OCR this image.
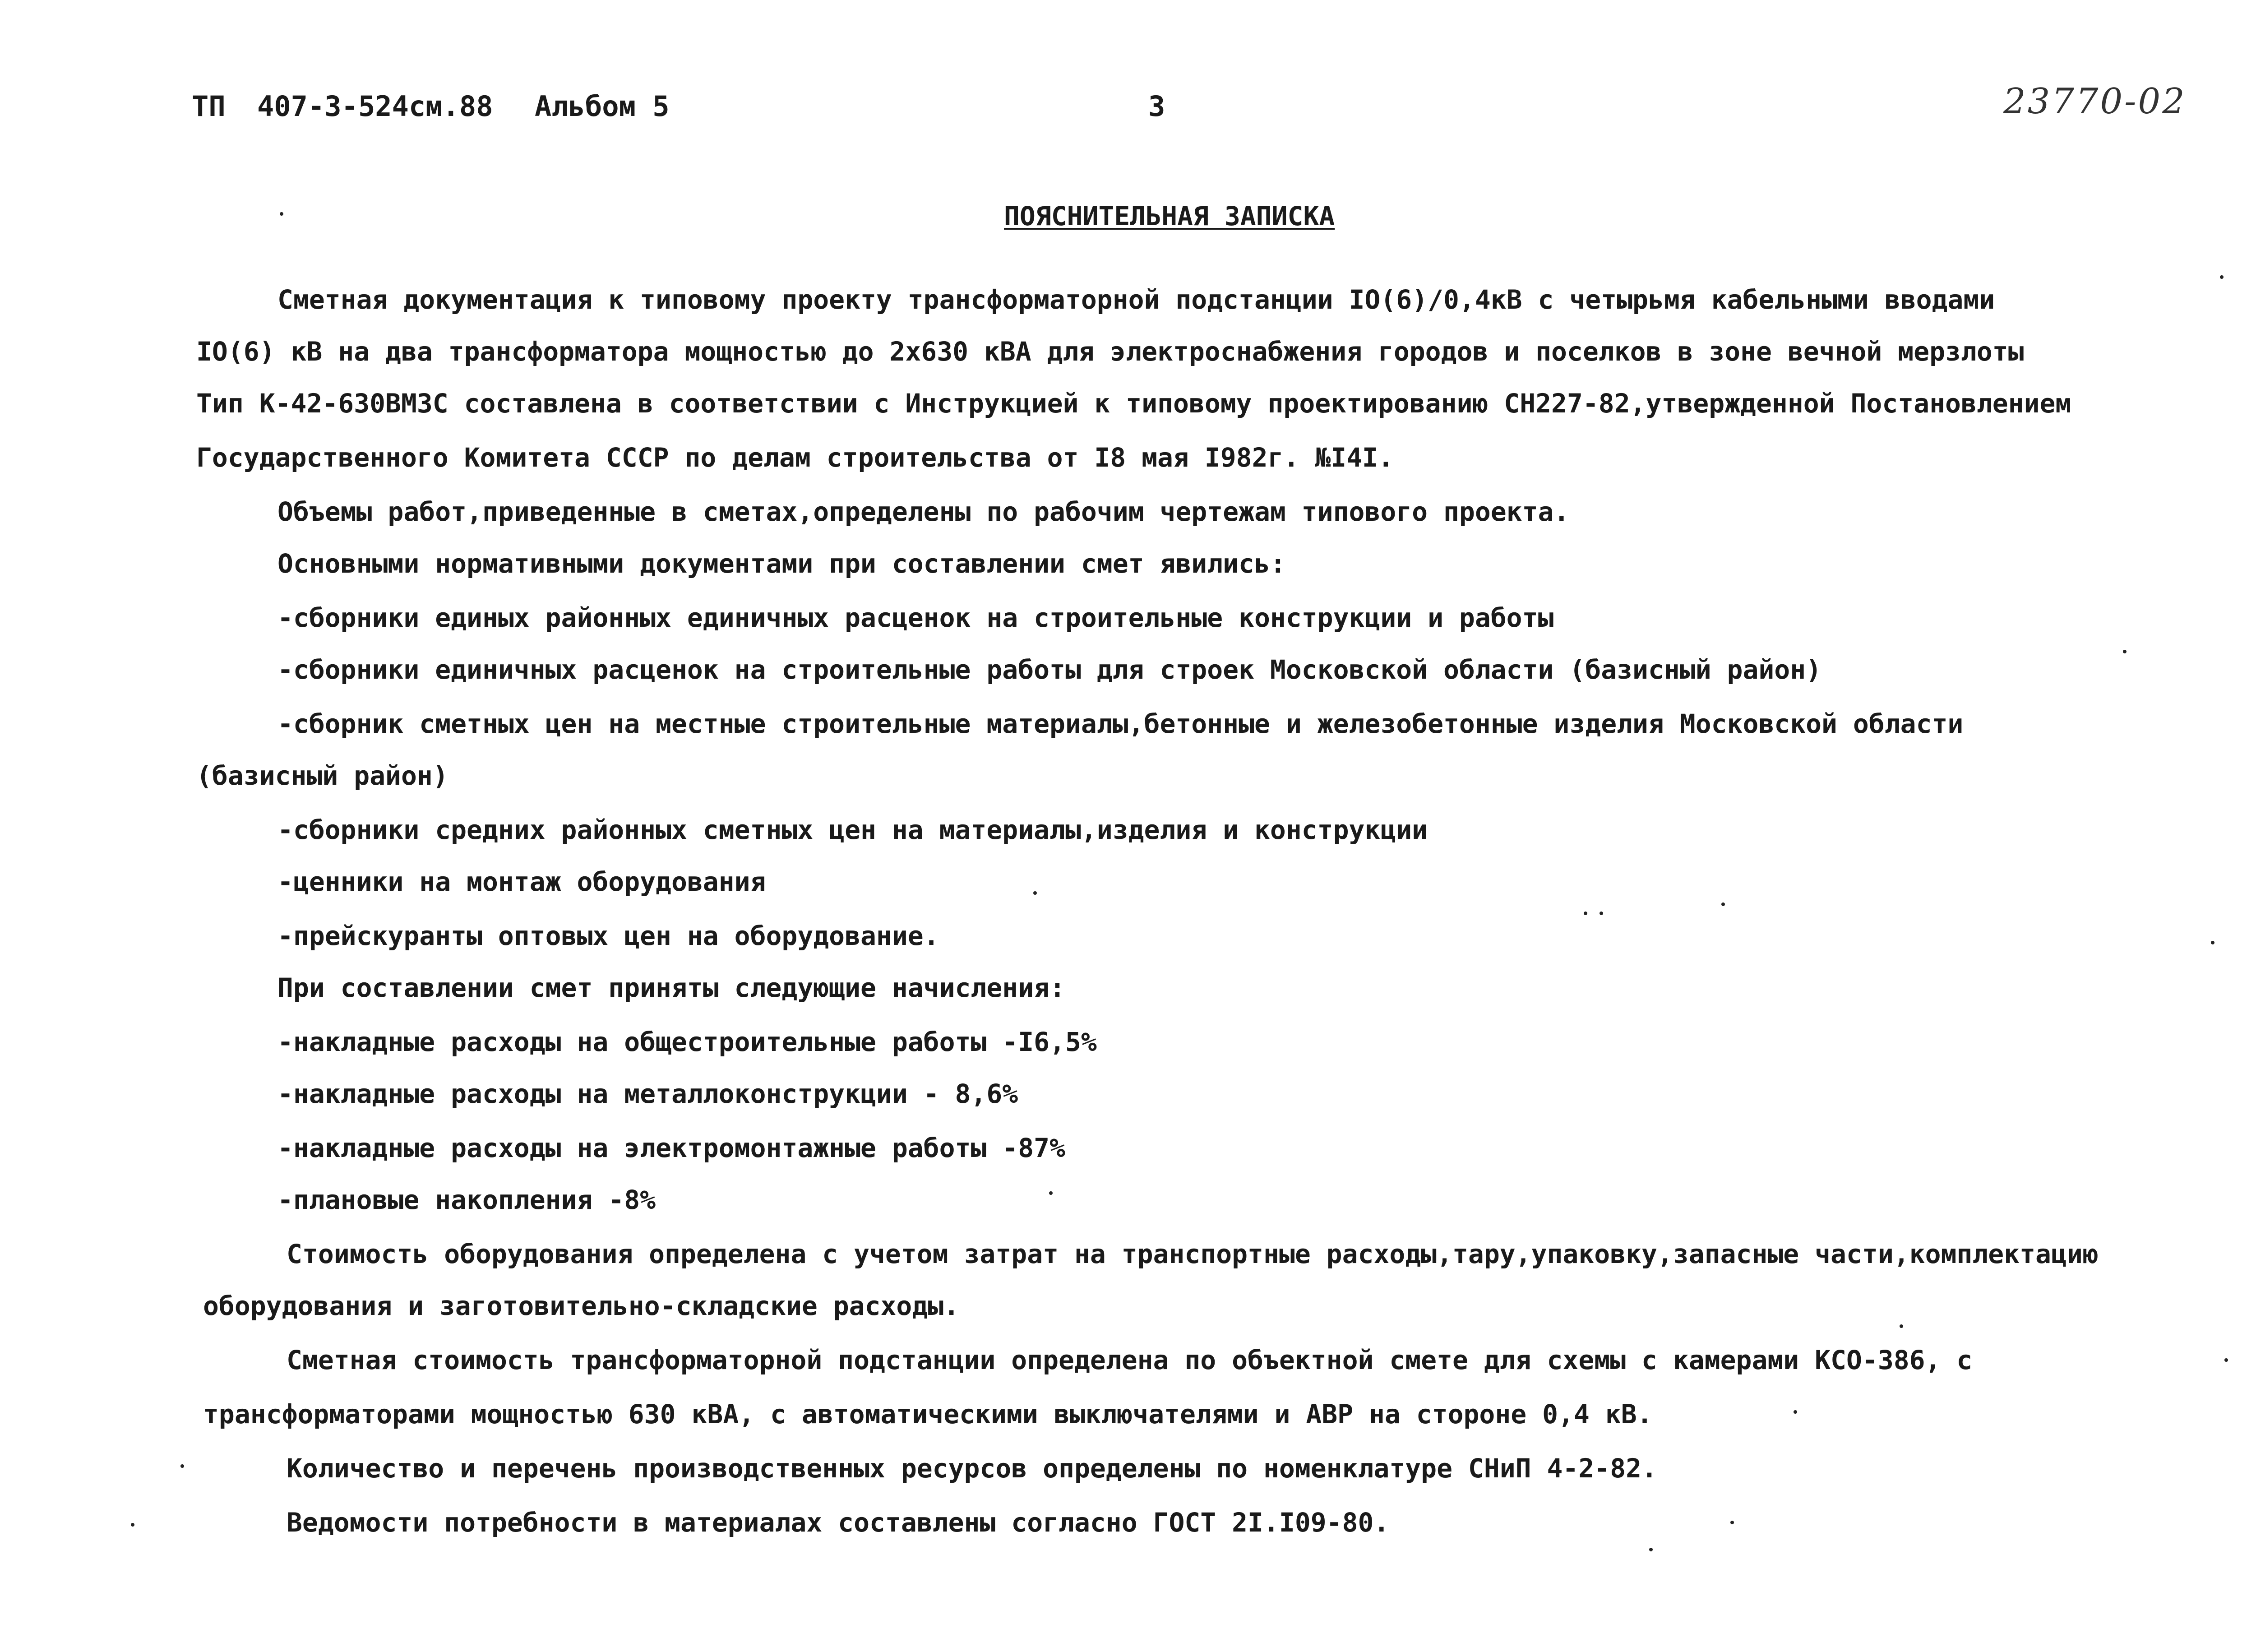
ТП 407-3-524см.88 Альбом 5	3	23770-02
ПОЯСНИТЕЛЬНАЯ ЗАПИСКА
Сметная документация к типовому проекту трансформаторной подстанции IO(6)/0,4кВ с четырьмя кабельными вводами
IO(6) кВ на два трансформатора мощностью до 2х630 кВА для электроснабжения городов и поселков в зоне вечной мерзлоты
Тип К-42-630ВМЗС составлена в соответствии с Инструкцией к типовому проектированию СН227-82,утвержденной Постановлением
Государственного Комитета СССР по делам строительства от I8 мая I982г. №I4I.
Объемы работ,приведенные в сметах,определены по рабочим чертежам типового проекта.
Основными нормативными документами при составлении смет явились:
-сборники единых районных единичных расценок на строительные конструкции и работы
-сборники единичных расценок на строительные работы для строек Московской области (базисный район)
-сборник сметных цен на местные строительные материалы,бетонные и железобетонные изделия Московской области
(базисный район)
-сборники средних районных сметных цен на материалы,изделия и конструкции
-ценники на монтаж оборудования
-прейскуранты оптовых цен на оборудование.
При составлении смет приняты следующие начисления:
-накладные расходы на общестроительные работы -I6,5%
-накладные расходы на металлоконструкции - 8,6%
-накладные расходы на электромонтажные работы -87%
-плановые накопления -8%
Стоимость оборудования определена с учетом затрат на транспортные расходы,тару,упаковку,запасные части,комплектацию
оборудования и заготовительно-складские расходы.
Сметная стоимость трансформаторной подстанции определена по объектной смете для схемы с камерами КСО-386, с
трансформаторами мощностью 630 кВА, с автоматическими выключателями и АВР на стороне 0,4 кВ.
Количество и перечень производственных ресурсов определены по номенклатуре СНиП 4-2-82.
Ведомости потребности в материалах составлены согласно ГОСТ 2I.I09-80.
